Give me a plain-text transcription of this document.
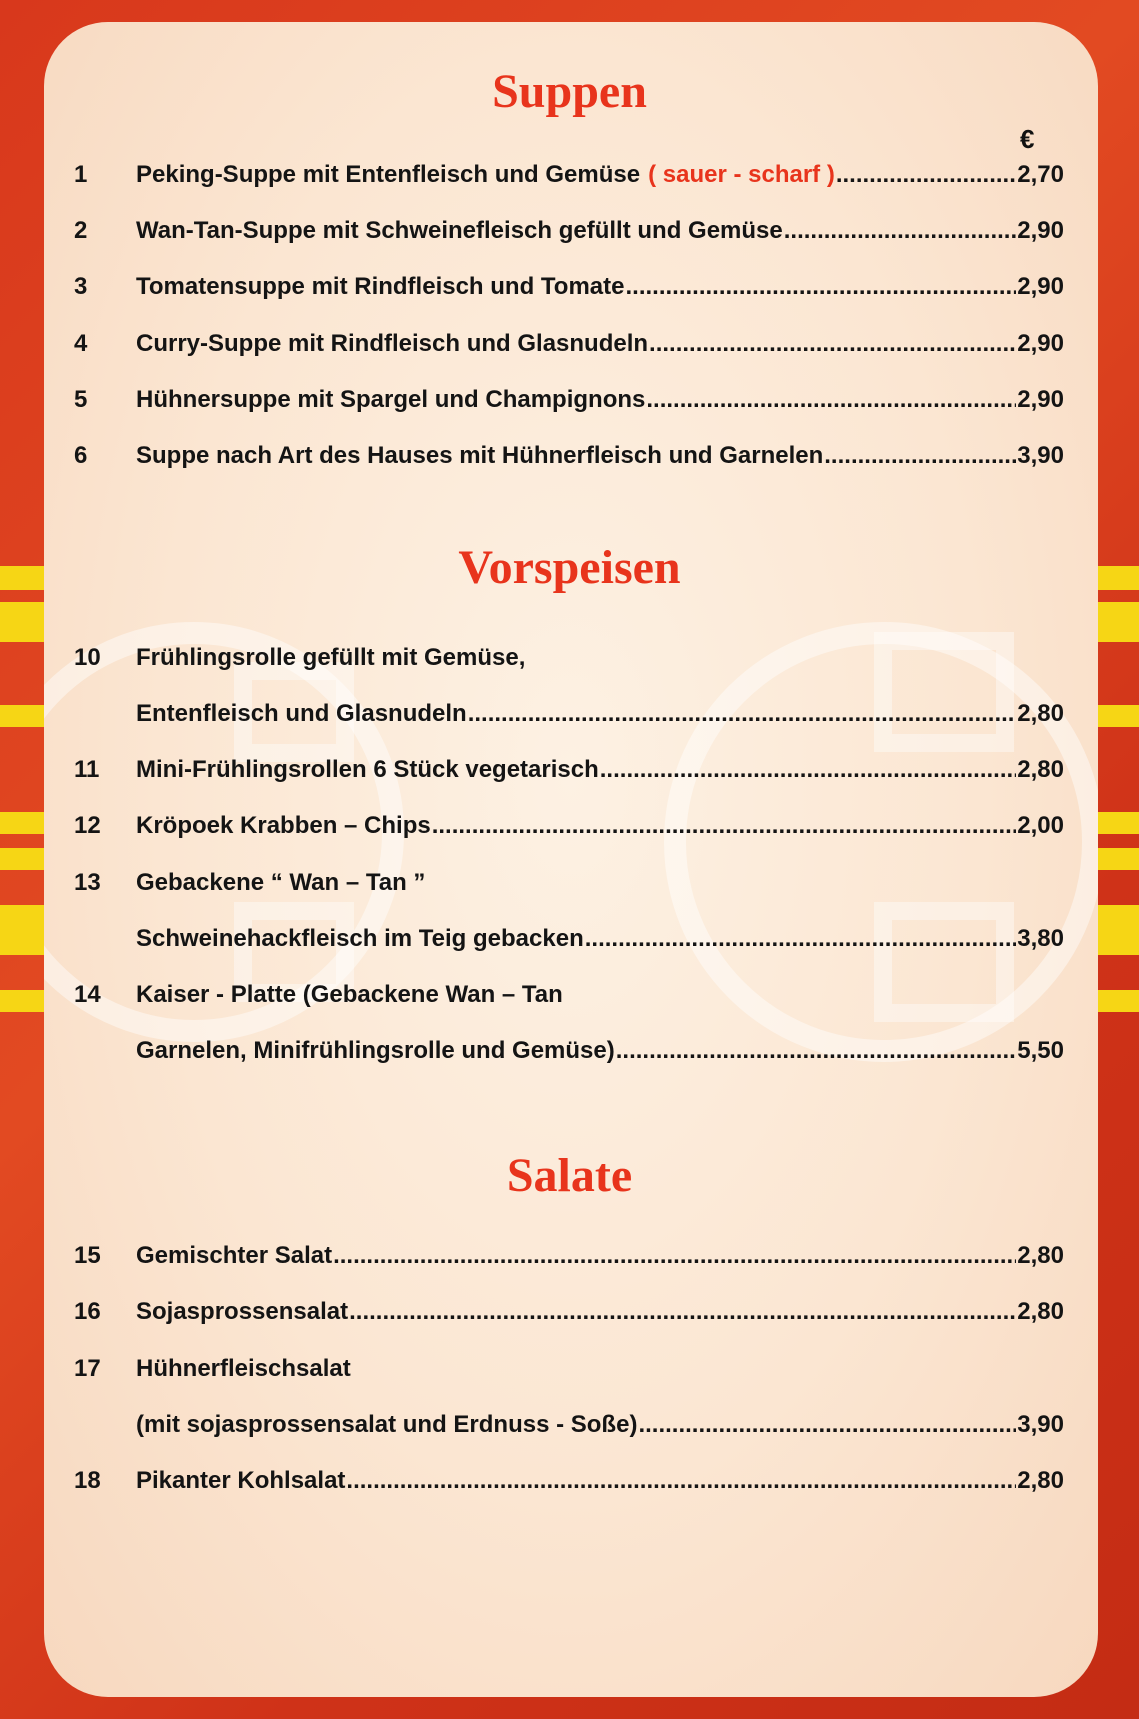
Suppen
€
1	Peking-Suppe mit Entenfleisch und Gemüse ( sauer - scharf ) .....	2,70
2	Wan-Tan-Suppe mit Schweinefleisch gefüllt und Gemüse .....	2,90
3	Tomatensuppe mit Rindfleisch und Tomate .....	2,90
4	Curry-Suppe mit Rindfleisch und Glasnudeln .....	2,90
5	Hühnersuppe mit Spargel und Champignons .....	2,90
6	Suppe nach Art des Hauses mit Hühnerfleisch und Garnelen .....	3,90
Vorspeisen
10	Frühlingsrolle gefüllt mit Gemüse,
Entenfleisch und Glasnudeln .....	2,80
11	Mini-Frühlingsrollen 6 Stück vegetarisch .....	2,80
12	Kröpoek Krabben – Chips .....	2,00
13	Gebackene “ Wan – Tan ”
Schweinehackfleisch im Teig gebacken .....	3,80
14	Kaiser - Platte (Gebackene Wan – Tan
Garnelen, Minifrühlingsrolle und Gemüse) .....	5,50
Salate
15	Gemischter Salat .....	2,80
16	Sojasprossensalat .....	2,80
17	Hühnerfleischsalat
(mit sojasprossensalat und Erdnuss - Soße) .....	3,90
18	Pikanter Kohlsalat .....	2,80
